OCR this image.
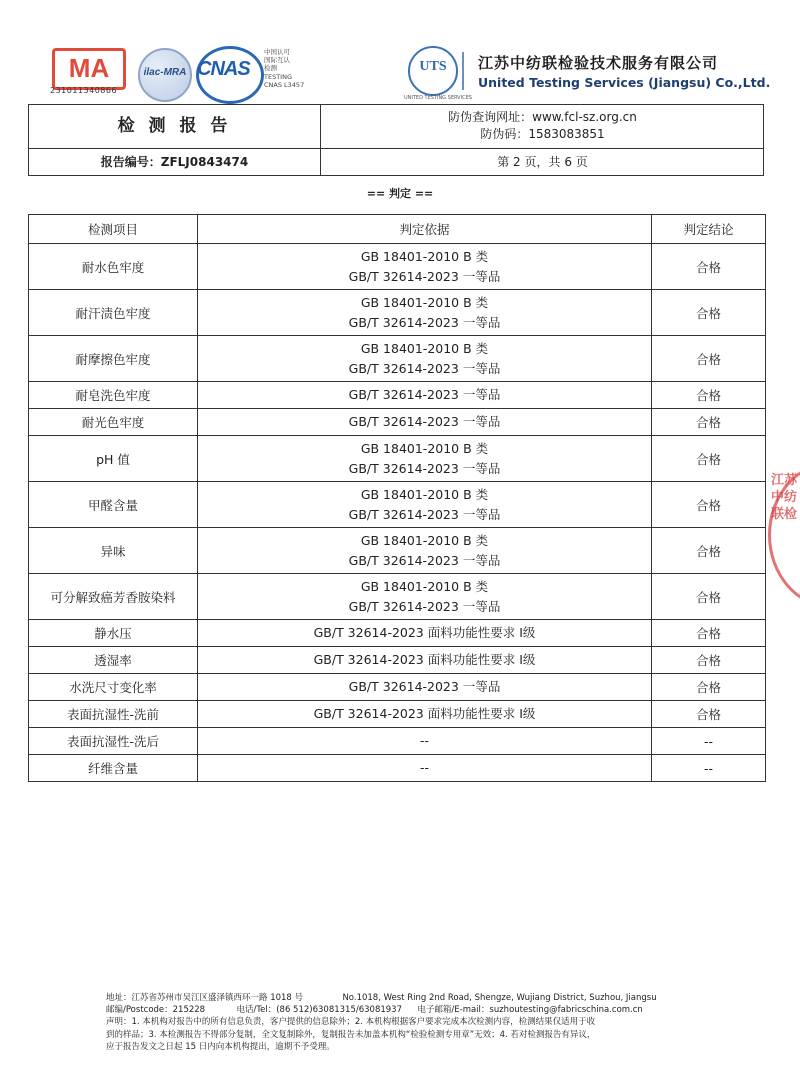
MA
231011340866
ilac-MRA CNAS
中国认可
国际互认
检测
TESTING
CNAS L3457
UTS
UNITED TESTING SERVICES
江苏中纺联检验技术服务有限公司
United Testing Services (Jiangsu) Co.,Ltd.
检 测 报 告
报告编号：ZFLJ0843474
防伪查询网址：www.fcl-sz.org.cn
防伪码：1583083851
第 2 页，共 6 页
== 判定 ==
检测项目	判定依据	判定结论
耐水色牢度	GB 18401-2010 B 类
GB/T 32614-2023 一等品	合格
耐汗渍色牢度	GB 18401-2010 B 类
GB/T 32614-2023 一等品	合格
耐摩擦色牢度	GB 18401-2010 B 类
GB/T 32614-2023 一等品	合格
耐皂洗色牢度	GB/T 32614-2023 一等品	合格
耐光色牢度	GB/T 32614-2023 一等品	合格
pH 值	GB 18401-2010 B 类
GB/T 32614-2023 一等品	合格
甲醛含量	GB 18401-2010 B 类
GB/T 32614-2023 一等品	合格
异味	GB 18401-2010 B 类
GB/T 32614-2023 一等品	合格
可分解致癌芳香胺染料	GB 18401-2010 B 类
GB/T 32614-2023 一等品	合格
静水压	GB/T 32614-2023 面料功能性要求 Ⅰ级	合格
透湿率	GB/T 32614-2023 面料功能性要求 Ⅰ级	合格
水洗尺寸变化率	GB/T 32614-2023 一等品	合格
表面抗湿性-洗前	GB/T 32614-2023 面料功能性要求 Ⅰ级	合格
表面抗湿性-洗后	--	--
纤维含量	--	--
江苏中纺联检
地址：江苏省苏州市吴江区盛泽镇西环一路 1018 号	No.1018, West Ring 2nd Road, Shengze, Wujiang District, Suzhou, Jiangsu
邮编/Postcode：215228	电话/Tel：(86 512)63081315/63081937 电子邮箱/E-mail：suzhoutesting@fabricschina.com.cn
声明：1. 本机构对报告中的所有信息负责，客户提供的信息除外；2. 本机构根据客户要求完成本次检测内容，检测结果仅适用于收
到的样品；3. 本检测报告不得部分复制，全文复制除外，复制报告未加盖本机构“检验检测专用章”无效；4. 若对检测报告有异议，
应于报告发文之日起 15 日内向本机构提出，逾期不予受理。
